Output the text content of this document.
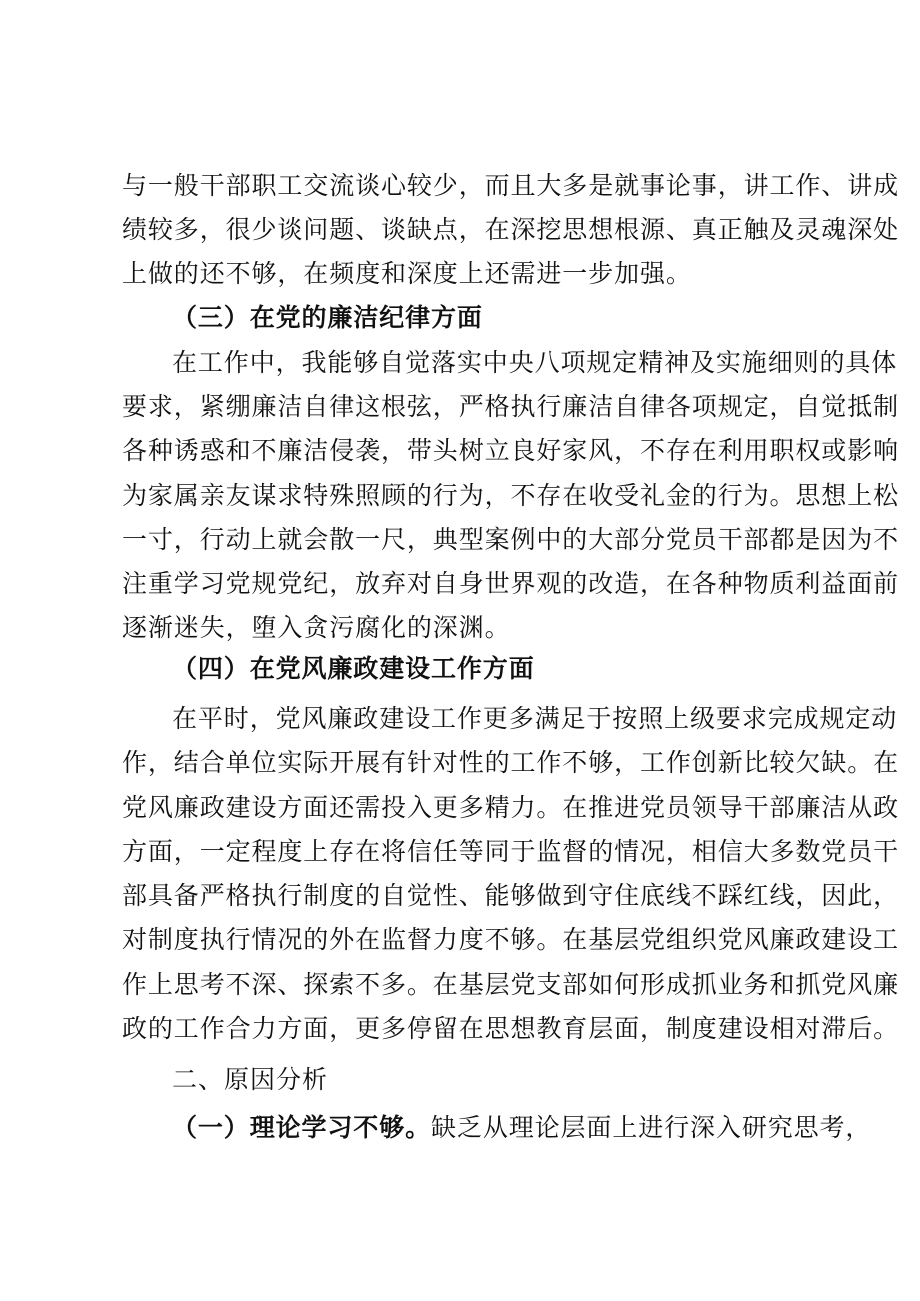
与一般干部职工交流谈心较少，而且大多是就事论事，讲工作、讲成
绩较多，很少谈问题、谈缺点，在深挖思想根源、真正触及灵魂深处
上做的还不够，在频度和深度上还需进一步加强。
（三）在党的廉洁纪律方面
在工作中，我能够自觉落实中央八项规定精神及实施细则的具体
要求，紧绷廉洁自律这根弦，严格执行廉洁自律各项规定，自觉抵制
各种诱惑和不廉洁侵袭，带头树立良好家风，不存在利用职权或影响
为家属亲友谋求特殊照顾的行为，不存在收受礼金的行为。思想上松
一寸，行动上就会散一尺，典型案例中的大部分党员干部都是因为不
注重学习党规党纪，放弃对自身世界观的改造，在各种物质利益面前
逐渐迷失，堕入贪污腐化的深渊。
（四）在党风廉政建设工作方面
在平时，党风廉政建设工作更多满足于按照上级要求完成规定动
作，结合单位实际开展有针对性的工作不够，工作创新比较欠缺。在
党风廉政建设方面还需投入更多精力。在推进党员领导干部廉洁从政
方面，一定程度上存在将信任等同于监督的情况，相信大多数党员干
部具备严格执行制度的自觉性、能够做到守住底线不踩红线，因此，
对制度执行情况的外在监督力度不够。在基层党组织党风廉政建设工
作上思考不深、探索不多。在基层党支部如何形成抓业务和抓党风廉
政的工作合力方面，更多停留在思想教育层面，制度建设相对滞后。
二、原因分析
（一）理论学习不够。缺乏从理论层面上进行深入研究思考，
